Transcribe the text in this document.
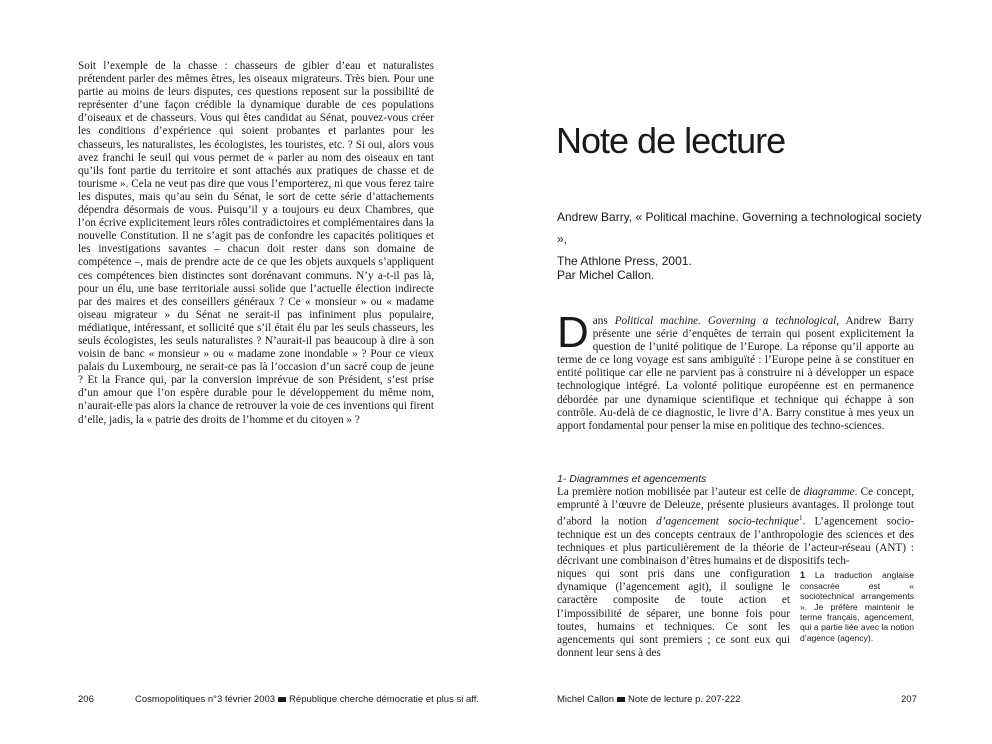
Soit l’exemple de la chasse : chasseurs de gibier d’eau et naturalistes prétendent parler des mêmes êtres, les oiseaux migrateurs. Très bien. Pour une partie au moins de leurs disputes, ces questions reposent sur la possibilité de représenter d’une façon crédible la dynamique durable de ces populations d’oiseaux et de chasseurs. Vous qui êtes candidat au Sénat, pouvez-vous créer les conditions d’expérience qui soient probantes et parlantes pour les chasseurs, les naturalistes, les écologistes, les touristes, etc. ? Si oui, alors vous avez franchi le seuil qui vous permet de « parler au nom des oiseaux en tant qu’ils font partie du territoire et sont attachés aux pratiques de chasse et de tourisme ». Cela ne veut pas dire que vous l’emporterez, ni que vous ferez taire les disputes, mais qu’au sein du Sénat, le sort de cette série d’attachements dépendra désormais de vous. Puisqu’il y a toujours eu deux Chambres, que l’on écrive explicitement leurs rôles contradictoires et complémentaires dans la nouvelle Constitution. Il ne s’agit pas de confondre les capacités politiques et les investigations savantes – chacun doit rester dans son domaine de compétence –, mais de prendre acte de ce que les objets auxquels s’appliquent ces compétences bien distinctes sont dorénavant communs. N’y a-t-il pas là, pour un élu, une base territoriale aussi solide que l’actuelle élection indirecte par des maires et des conseillers généraux ? Ce « monsieur » ou « madame oiseau migrateur » du Sénat ne serait-il pas infiniment plus populaire, médiatique, intéressant, et sollicité que s’il était élu par les seuls chasseurs, les seuls écologistes, les seuls naturalistes ? N’aurait-il pas beaucoup à dire à son voisin de banc « monsieur » ou « madame zone inondable » ? Pour ce vieux palais du Luxembourg, ne serait-ce pas là l’occasion d’un sacré coup de jeune ? Et la France qui, par la conversion imprévue de son Président, s’est prise d’un amour que l’on espère durable pour le développement du même nom, n’aurait-elle pas alors la chance de retrouver la voie de ces inventions qui firent d’elle, jadis, la « patrie des droits de l’homme et du citoyen » ?

206	Cosmopolitiques n°3 février 2003 République cherche démocratie et plus si aff.

Note de lecture

Andrew Barry, « Political machine. Governing a technological society »,
The Athlone Press, 2001.

Par Michel Callon.

Dans Political machine. Governing a technological, Andrew Barry présente une série d’enquêtes de terrain qui posent explicitement la question de l’unité politique de l’Europe. La réponse qu’il apporte au terme de ce long voyage est sans ambiguïté : l’Europe peine à se constituer en entité politique car elle ne parvient pas à construire ni à développer un espace technologique intégré. La volonté politique européenne est en permanence débordée par une dynamique scientifique et technique qui échappe à son contrôle. Au-delà de ce diagnostic, le livre d’A. Barry constitue à mes yeux un apport fondamental pour penser la mise en politique des techno-sciences.

1- Diagrammes et agencements

La première notion mobilisée par l’auteur est celle de diagramme. Ce concept, emprunté à l’œuvre de Deleuze, présente plusieurs avantages. Il prolonge tout d’abord la notion d’agencement socio-technique$^1$. L’agencement socio-technique est un des concepts centraux de l’anthropologie des sciences et des techniques et plus particulièrement de la théorie de l’acteur-réseau (ANT) : décrivant une combinaison d’êtres humains et de dispositifs tech-
1 La traduction anglaise consacrée est « sociotechnical arrangements ». Je préfère maintenir le terme français, agencement, qui a partie liée avec la notion d’agence (agency).
niques qui sont pris dans une configuration dynamique (l’agencement agit), il souligne le caractère composite de toute action et l’impossibilité de séparer, une bonne fois pour toutes, humains et techniques. Ce sont les agencements qui sont premiers ; ce sont eux qui donnent leur sens à des

Michel Callon Note de lecture p. 207-222	207
